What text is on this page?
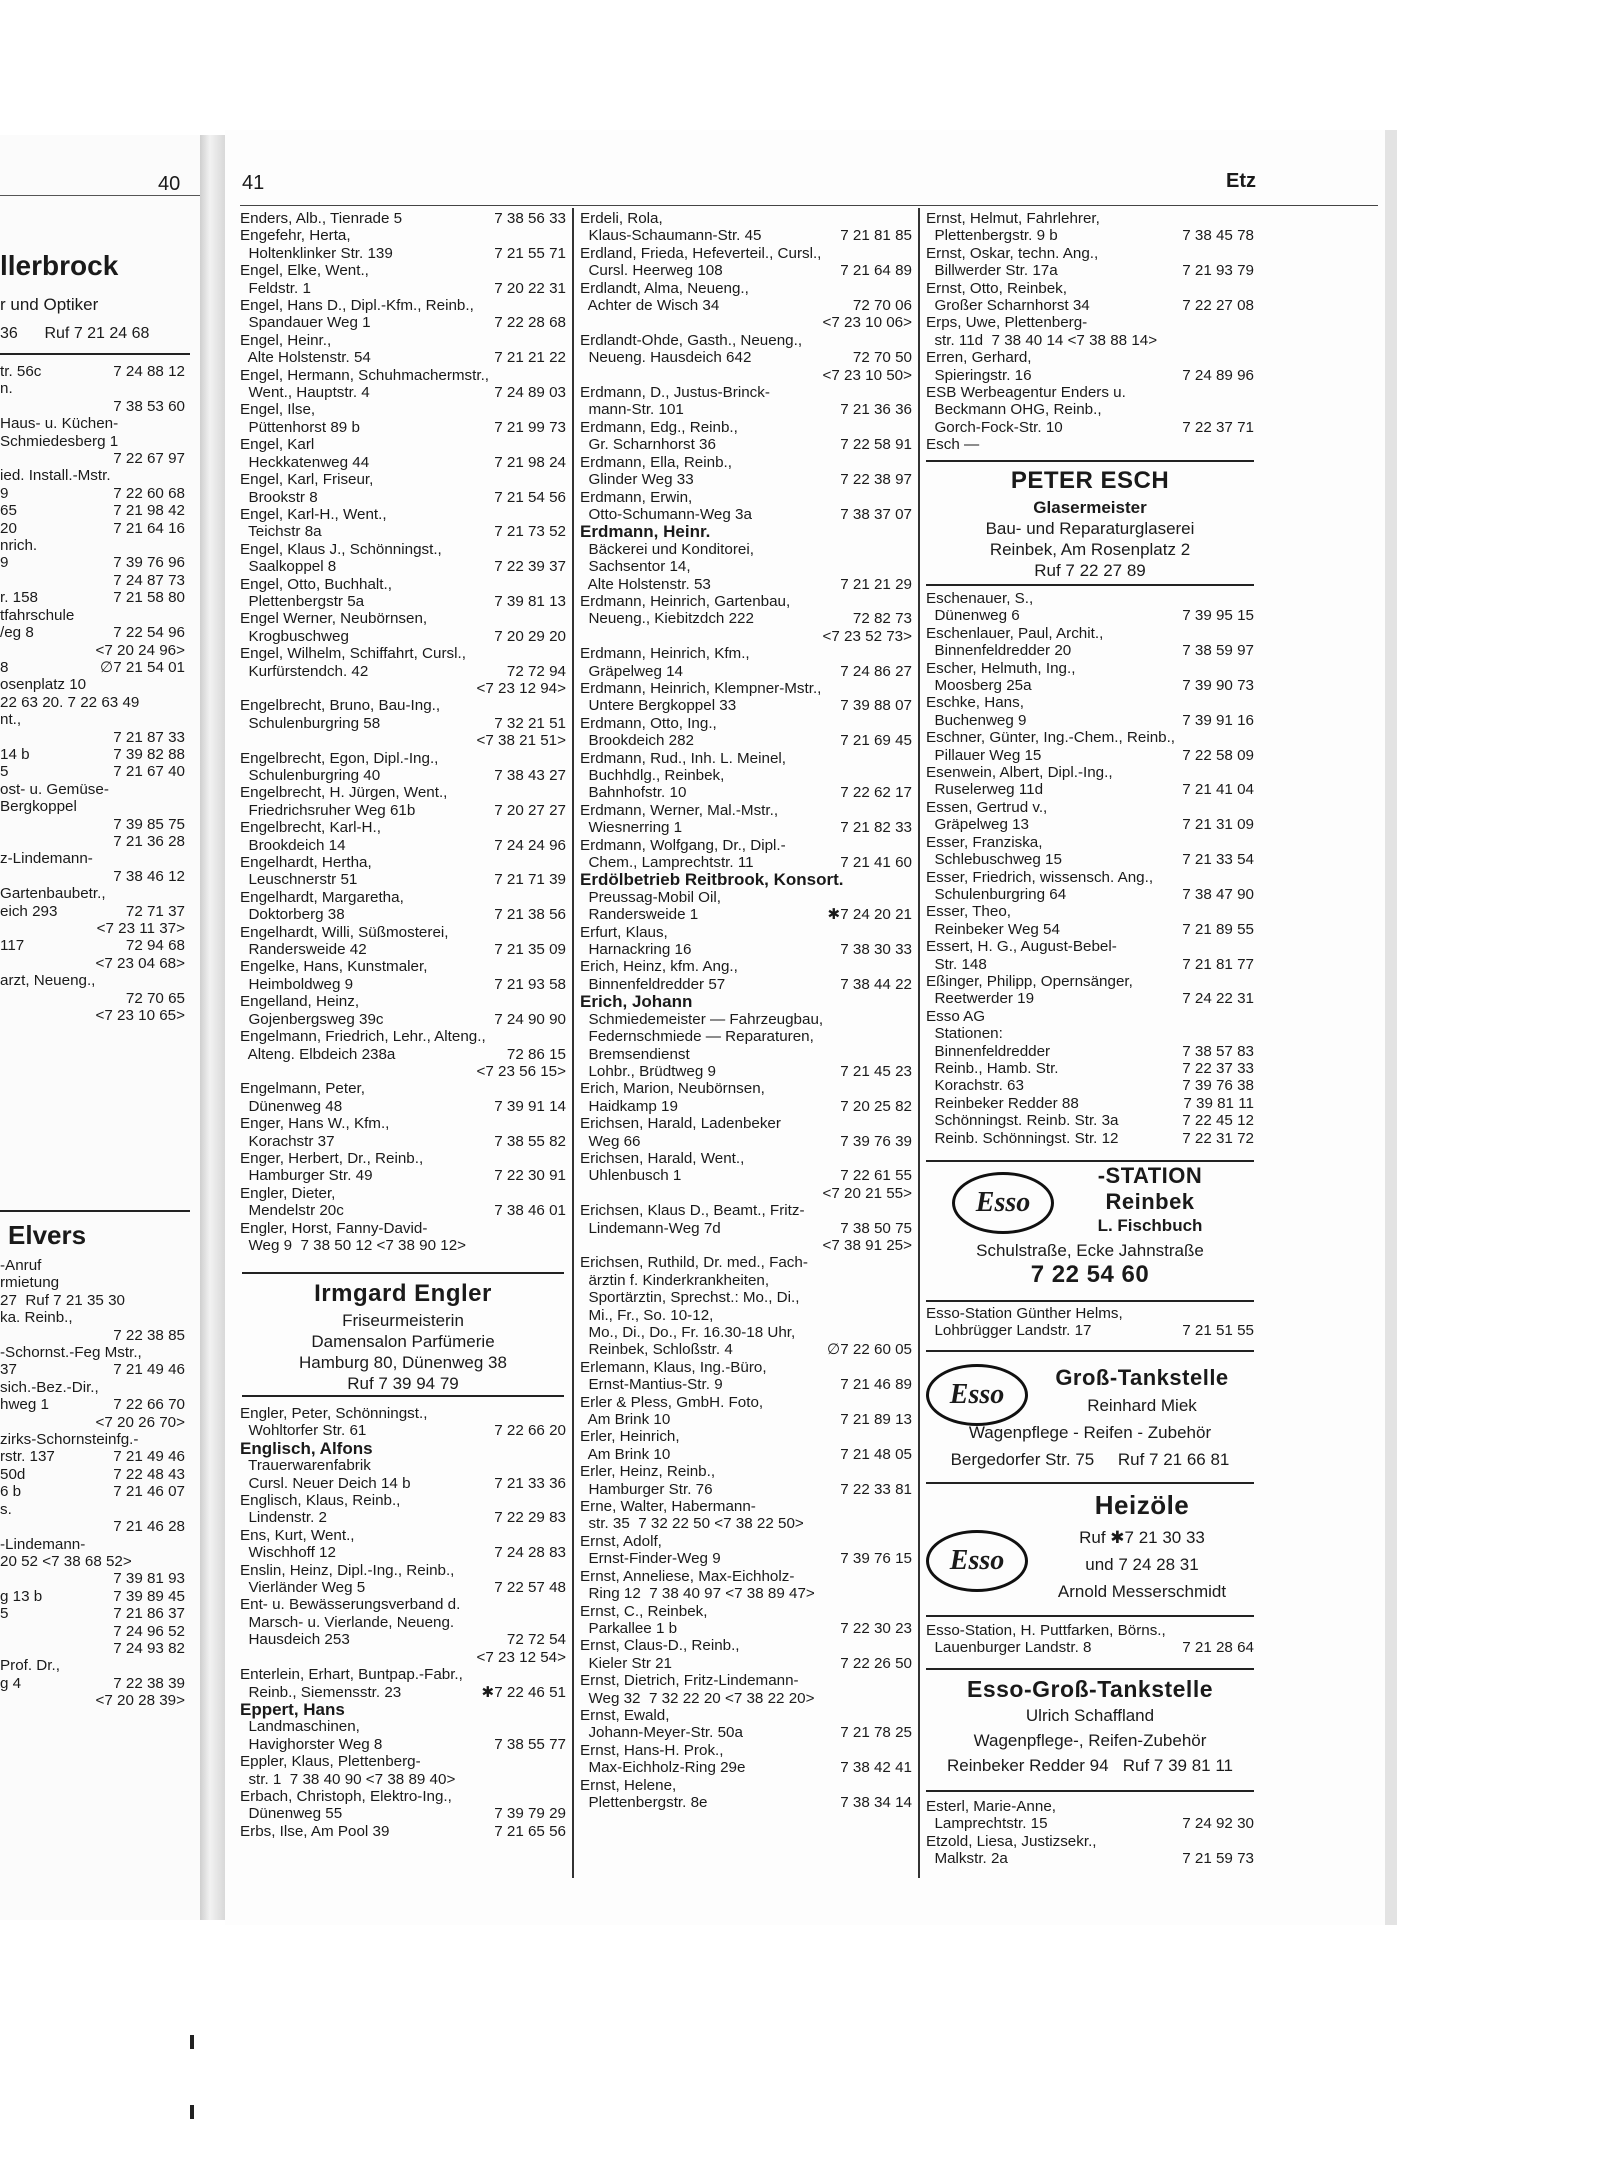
40
llerbrock
r und Optiker
36      Ruf 7 21 24 68
7 24 88 12
tr. 56c
n.
7 38 53 60
Haus- u. Küchen-
Schmiedesberg 1
7 22 67 97
ied. Install.-Mstr.
7 22 60 68
9
7 21 98 42
65
7 21 64 16
20
nrich.
7 39 76 96
9
7 24 87 73
7 21 58 80
r. 158
tfahrschule
7 22 54 96
/eg 8
<7 20 24 96>
∅7 21 54 01
8
osenplatz 10
22 63 20. 7 22 63 49
nt.,
7 21 87 33
7 39 82 88
14 b
7 21 67 40
5
ost- u. Gemüse-
Bergkoppel
7 39 85 75
7 21 36 28
z-Lindemann-
7 38 46 12
Gartenbaubetr.,
72 71 37
eich 293
<7 23 11 37>
72 94 68
117
<7 23 04 68>
arzt, Neueng.,
72 70 65
<7 23 10 65>
Elvers
-Anruf
rmietung
27  Ruf 7 21 35 30
ka. Reinb.,
7 22 38 85
-Schornst.-Feg Mstr.,
7 21 49 46
37
sich.-Bez.-Dir.,
7 22 66 70
hweg 1
<7 20 26 70>
zirks-Schornsteinfg.-
7 21 49 46
rstr. 137
7 22 48 43
50d
7 21 46 07
6 b
s.
7 21 46 28
-Lindemann-
20 52 <7 38 68 52>
7 39 81 93
7 39 89 45
g 13 b
7 21 86 37
5
7 24 96 52
7 24 93 82
Prof. Dr.,
7 22 38 39
g 4
<7 20 28 39>
41	Etz
7 38 56 33
Enders, Alb., Tienrade 5
Engefehr, Herta,
7 21 55 71
Holtenklinker Str. 139
Engel, Elke, Went.,
7 20 22 31
Feldstr. 1
Engel, Hans D., Dipl.-Kfm., Reinb.,
7 22 28 68
Spandauer Weg 1
Engel, Heinr.,
7 21 21 22
Alte Holstenstr. 54
Engel, Hermann, Schuhmachermstr.,
7 24 89 03
Went., Hauptstr. 4
Engel, Ilse,
7 21 99 73
Püttenhorst 89 b
Engel, Karl
7 21 98 24
Heckkatenweg 44
Engel, Karl, Friseur,
7 21 54 56
Brookstr 8
Engel, Karl-H., Went.,
7 21 73 52
Teichstr 8a
Engel, Klaus J., Schönningst.,
7 22 39 37
Saalkoppel 8
Engel, Otto, Buchhalt.,
7 39 81 13
Plettenbergstr 5a
Engel Werner, Neubörnsen,
7 20 29 20
Krogbuschweg
Engel, Wilhelm, Schiffahrt, Cursl.,
72 72 94
Kurfürstendch. 42
<7 23 12 94>
Engelbrecht, Bruno, Bau-Ing.,
7 32 21 51
Schulenburgring 58
<7 38 21 51>
Engelbrecht, Egon, Dipl.-Ing.,
7 38 43 27
Schulenburgring 40
Engelbrecht, H. Jürgen, Went.,
7 20 27 27
Friedrichsruher Weg 61b
Engelbrecht, Karl-H.,
7 24 24 96
Brookdeich 14
Engelhardt, Hertha,
7 21 71 39
Leuschnerstr 51
Engelhardt, Margaretha,
7 21 38 56
Doktorberg 38
Engelhardt, Willi, Süßmosterei,
7 21 35 09
Randersweide 42
Engelke, Hans, Kunstmaler,
7 21 93 58
Heimboldweg 9
Engelland, Heinz,
7 24 90 90
Gojenbergsweg 39c
Engelmann, Friedrich, Lehr., Alteng.,
72 86 15
Alteng. Elbdeich 238a
<7 23 56 15>
Engelmann, Peter,
7 39 91 14
Dünenweg 48
Enger, Hans W., Kfm.,
7 38 55 82
Korachstr 37
Enger, Herbert, Dr., Reinb.,
7 22 30 91
Hamburger Str. 49
Engler, Dieter,
7 38 46 01
Mendelstr 20c
Engler, Horst, Fanny-David-
Weg 9  7 38 50 12 <7 38 90 12>
Irmgard Engler
Friseurmeisterin
Damensalon Parfümerie
Hamburg 80, Dünenweg 38
Ruf 7 39 94 79
Engler, Peter, Schönningst.,
7 22 66 20
Wohltorfer Str. 61
Englisch, Alfons
Trauerwarenfabrik
7 21 33 36
Cursl. Neuer Deich 14 b
Englisch, Klaus, Reinb.,
7 22 29 83
Lindenstr. 2
Ens, Kurt, Went.,
7 24 28 83
Wischhoff 12
Enslin, Heinz, Dipl.-Ing., Reinb.,
7 22 57 48
Vierländer Weg 5
Ent- u. Bewässerungsverband d.
Marsch- u. Vierlande, Neueng.
72 72 54
Hausdeich 253
<7 23 12 54>
Enterlein, Erhart, Buntpap.-Fabr.,
✱7 22 46 51
Reinb., Siemensstr. 23
Eppert, Hans
Landmaschinen,
7 38 55 77
Havighorster Weg 8
Eppler, Klaus, Plettenberg-
str. 1  7 38 40 90 <7 38 89 40>
Erbach, Christoph, Elektro-Ing.,
7 39 79 29
Dünenweg 55
7 21 65 56
Erbs, Ilse, Am Pool 39
Erdeli, Rola,
7 21 81 85
Klaus-Schaumann-Str. 45
Erdland, Frieda, Hefeverteil., Cursl.,
7 21 64 89
Cursl. Heerweg 108
Erdlandt, Alma, Neueng.,
72 70 06
Achter de Wisch 34
<7 23 10 06>
Erdlandt-Ohde, Gasth., Neueng.,
72 70 50
Neueng. Hausdeich 642
<7 23 10 50>
Erdmann, D., Justus-Brinck-
7 21 36 36
mann-Str. 101
Erdmann, Edg., Reinb.,
7 22 58 91
Gr. Scharnhorst 36
Erdmann, Ella, Reinb.,
7 22 38 97
Glinder Weg 33
Erdmann, Erwin,
7 38 37 07
Otto-Schumann-Weg 3a
Erdmann, Heinr.
Bäckerei und Konditorei,
Sachsentor 14,
7 21 21 29
Alte Holstenstr. 53
Erdmann, Heinrich, Gartenbau,
72 82 73
Neueng., Kiebitzdch 222
<7 23 52 73>
Erdmann, Heinrich, Kfm.,
7 24 86 27
Gräpelweg 14
Erdmann, Heinrich, Klempner-Mstr.,
7 39 88 07
Untere Bergkoppel 33
Erdmann, Otto, Ing.,
7 21 69 45
Brookdeich 282
Erdmann, Rud., Inh. L. Meinel,
Buchhdlg., Reinbek,
7 22 62 17
Bahnhofstr. 10
Erdmann, Werner, Mal.-Mstr.,
7 21 82 33
Wiesnerring 1
Erdmann, Wolfgang, Dr., Dipl.-
7 21 41 60
Chem., Lamprechtstr. 11
Erdölbetrieb Reitbrook, Konsort.
Preussag-Mobil Oil,
✱7 24 20 21
Randersweide 1
Erfurt, Klaus,
7 38 30 33
Harnackring 16
Erich, Heinz, kfm. Ang.,
7 38 44 22
Binnenfeldredder 57
Erich, Johann
Schmiedemeister — Fahrzeugbau,
Federnschmiede — Reparaturen,
Bremsendienst
7 21 45 23
Lohbr., Brüdtweg 9
Erich, Marion, Neubörnsen,
7 20 25 82
Haidkamp 19
Erichsen, Harald, Ladenbeker
7 39 76 39
Weg 66
Erichsen, Harald, Went.,
7 22 61 55
Uhlenbusch 1
<7 20 21 55>
Erichsen, Klaus D., Beamt., Fritz-
7 38 50 75
Lindemann-Weg 7d
<7 38 91 25>
Erichsen, Ruthild, Dr. med., Fach-
ärztin f. Kinderkrankheiten,
Sportärztin, Sprechst.: Mo., Di.,
Mi., Fr., So. 10-12,
Mo., Di., Do., Fr. 16.30-18 Uhr,
∅7 22 60 05
Reinbek, Schloßstr. 4
Erlemann, Klaus, Ing.-Büro,
7 21 46 89
Ernst-Mantius-Str. 9
Erler & Pless, GmbH. Foto,
7 21 89 13
Am Brink 10
Erler, Heinrich,
7 21 48 05
Am Brink 10
Erler, Heinz, Reinb.,
7 22 33 81
Hamburger Str. 76
Erne, Walter, Habermann-
str. 35  7 32 22 50 <7 38 22 50>
Ernst, Adolf,
7 39 76 15
Ernst-Finder-Weg 9
Ernst, Anneliese, Max-Eichholz-
Ring 12  7 38 40 97 <7 38 89 47>
Ernst, C., Reinbek,
7 22 30 23
Parkallee 1 b
Ernst, Claus-D., Reinb.,
7 22 26 50
Kieler Str 21
Ernst, Dietrich, Fritz-Lindemann-
Weg 32  7 32 22 20 <7 38 22 20>
Ernst, Ewald,
7 21 78 25
Johann-Meyer-Str. 50a
Ernst, Hans-H. Prok.,
7 38 42 41
Max-Eichholz-Ring 29e
Ernst, Helene,
7 38 34 14
Plettenbergstr. 8e
Ernst, Helmut, Fahrlehrer,
7 38 45 78
Plettenbergstr. 9 b
Ernst, Oskar, techn. Ang.,
7 21 93 79
Billwerder Str. 17a
Ernst, Otto, Reinbek,
7 22 27 08
Großer Scharnhorst 34
Erps, Uwe, Plettenberg-
str. 11d  7 38 40 14 <7 38 88 14>
Erren, Gerhard,
7 24 89 96
Spieringstr. 16
ESB Werbeagentur Enders u.
Beckmann OHG, Reinb.,
7 22 37 71
Gorch-Fock-Str. 10
Esch —
PETER ESCH
Glasermeister
Bau- und Reparaturglaserei
Reinbek, Am Rosenplatz 2
Ruf 7 22 27 89
Eschenauer, S.,
7 39 95 15
Dünenweg 6
Eschenlauer, Paul, Archit.,
7 38 59 97
Binnenfeldredder 20
Escher, Helmuth, Ing.,
7 39 90 73
Moosberg 25a
Eschke, Hans,
7 39 91 16
Buchenweg 9
Eschner, Günter, Ing.-Chem., Reinb.,
7 22 58 09
Pillauer Weg 15
Esenwein, Albert, Dipl.-Ing.,
7 21 41 04
Ruselerweg 11d
Essen, Gertrud v.,
7 21 31 09
Gräpelweg 13
Esser, Franziska,
7 21 33 54
Schlebuschweg 15
Esser, Friedrich, wissensch. Ang.,
7 38 47 90
Schulenburgring 64
Esser, Theo,
7 21 89 55
Reinbeker Weg 54
Essert, H. G., August-Bebel-
7 21 81 77
Str. 148
Eßinger, Philipp, Opernsänger,
7 24 22 31
Reetwerder 19
Esso AG
Stationen:
7 38 57 83
Binnenfeldredder
7 22 37 33
Reinb., Hamb. Str.
7 39 76 38
Korachstr. 63
7 39 81 11
Reinbeker Redder 88
7 22 45 12
Schönningst. Reinb. Str. 3a
7 22 31 72
Reinb. Schönningst. Str. 12
Esso
-STATION
Reinbek
L. Fischbuch
Schulstraße, Ecke Jahnstraße
7 22 54 60
Esso-Station Günther Helms,
7 21 51 55
Lohbrügger Landstr. 17
Esso
Groß-Tankstelle
Reinhard Miek
Wagenpflege - Reifen - Zubehör
Bergedorfer Str. 75     Ruf 7 21 66 81
Esso
Heizöle
Ruf ✱7 21 30 33
und 7 24 28 31
Arnold Messerschmidt
Esso-Station, H. Puttfarken, Börns.,
7 21 28 64
Lauenburger Landstr. 8
Esso-Groß-Tankstelle
Ulrich Schaffland
Wagenpflege-, Reifen-Zubehör
Reinbeker Redder 94   Ruf 7 39 81 11
Esterl, Marie-Anne,
7 24 92 30
Lamprechtstr. 15
Etzold, Liesa, Justizsekr.,
7 21 59 73
Malkstr. 2a
